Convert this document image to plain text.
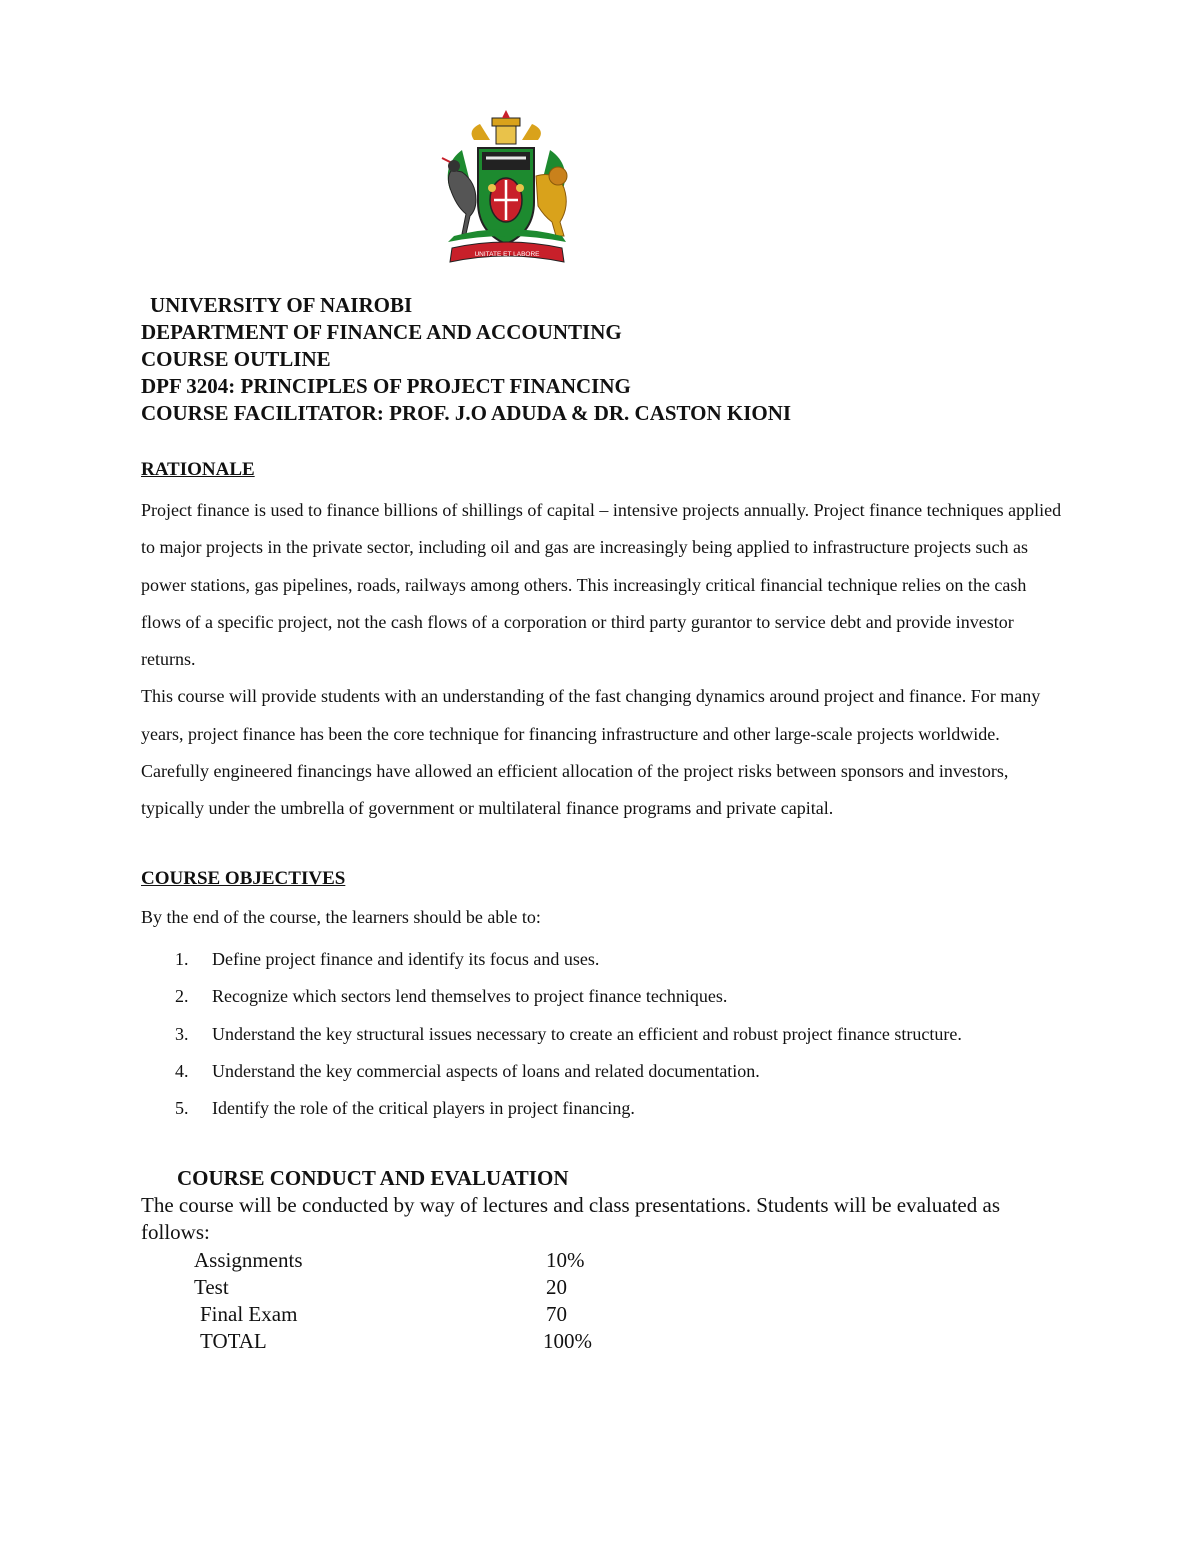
UNITATE ET LABORE
UNIVERSITY OF NAIROBI
DEPARTMENT OF FINANCE AND ACCOUNTING
COURSE OUTLINE
DPF 3204: PRINCIPLES OF PROJECT FINANCING
COURSE FACILITATOR: PROF. J.O ADUDA & DR. CASTON KIONI
RATIONALE

Project finance is used to finance billions of shillings of capital – intensive projects annually. Project finance techniques applied to major projects in the private sector, including oil and gas are increasingly being applied to infrastructure projects such as power stations, gas pipelines, roads, railways among others. This increasingly critical financial technique relies on the cash flows of a specific project, not the cash flows of a corporation or third party gurantor to service debt and provide investor returns.

This course will provide students with an understanding of the fast changing dynamics around project and finance. For many years, project finance has been the core technique for financing infrastructure and other large-scale projects worldwide. Carefully engineered financings have allowed an efficient allocation of the project risks between sponsors and investors, typically under the umbrella of government or multilateral finance programs and private capital.

COURSE OBJECTIVES
By the end of the course, the learners should be able to:
1. Define project finance and identify its focus and uses.
2. Recognize which sectors lend themselves to project finance techniques.
3. Understand the key structural issues necessary to create an efficient and robust project finance structure.
4. Understand the key commercial aspects of loans and related documentation.
5. Identify the role of the critical players in project financing.
COURSE CONDUCT AND EVALUATION
The course will be conducted by way of lectures and class presentations. Students will be evaluated as follows:
Assignments	10%
Test	20
Final Exam	70
TOTAL	100%
